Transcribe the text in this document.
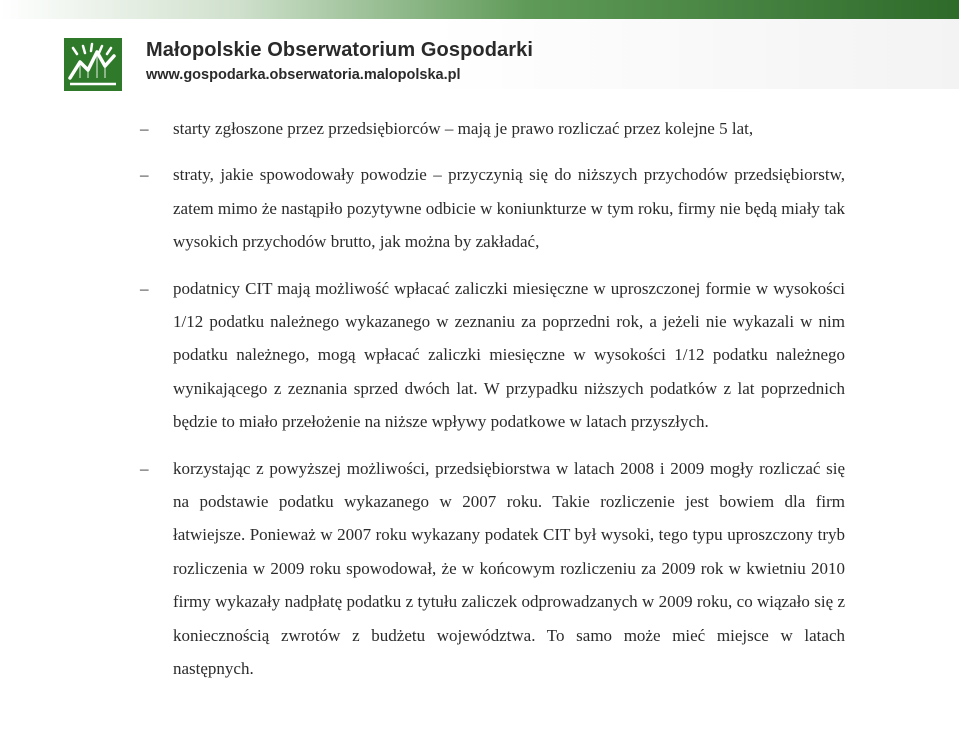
Małopolskie Obserwatorium Gospodarki
www.gospodarka.obserwatoria.malopolska.pl
–	starty zgłoszone przez przedsiębiorców – mają je prawo rozliczać przez kolejne 5 lat,
–	straty, jakie spowodowały powodzie – przyczynią się do niższych przychodów przedsiębiorstw, zatem mimo że nastąpiło pozytywne odbicie w koniunkturze w tym roku, firmy nie będą miały tak wysokich przychodów brutto, jak można by zakładać,
–	podatnicy CIT mają możliwość wpłacać zaliczki miesięczne w uproszczonej formie w wysokości 1/12 podatku należnego wykazanego w zeznaniu za poprzedni rok, a jeżeli nie wykazali w nim podatku należnego, mogą wpłacać zaliczki miesięczne w wysokości 1/12 podatku należnego wynikającego z zeznania sprzed dwóch lat. W przypadku niższych podatków z lat poprzednich będzie to miało przełożenie na niższe wpływy podatkowe w latach przyszłych.
–	korzystając z powyższej możliwości, przedsiębiorstwa w latach 2008 i 2009 mogły rozliczać się na podstawie podatku wykazanego w 2007 roku. Takie rozliczenie jest bowiem dla firm łatwiejsze. Ponieważ w 2007 roku wykazany podatek CIT był wysoki, tego typu uproszczony tryb rozliczenia w 2009 roku spowodował, że w końcowym rozliczeniu za 2009 rok w kwietniu 2010 firmy wykazały nadpłatę podatku z tytułu zaliczek odprowadzanych w 2009 roku, co wiązało się z koniecznością zwrotów z budżetu województwa. To samo może mieć miejsce w latach następnych.
